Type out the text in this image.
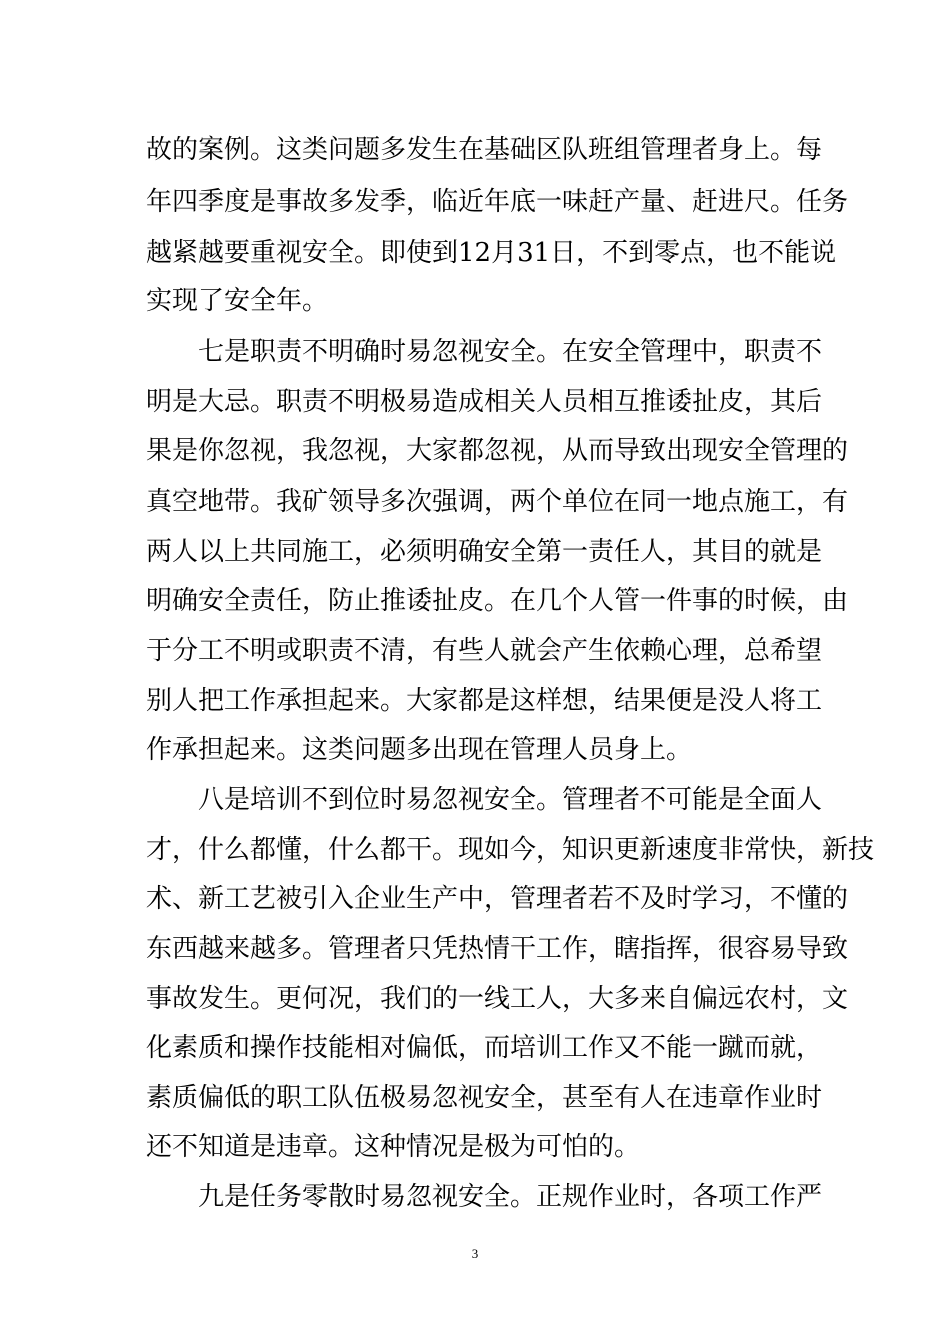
故的案例。这类问题多发生在基础区队班组管理者身上。每
年四季度是事故多发季，临近年底一味赶产量、赶进尺。任务
越紧越要重视安全。即使到12月31日，不到零点，也不能说
实现了安全年。
七是职责不明确时易忽视安全。在安全管理中，职责不
明是大忌。职责不明极易造成相关人员相互推诿扯皮，其后
果是你忽视，我忽视，大家都忽视，从而导致出现安全管理的
真空地带。我矿领导多次强调，两个单位在同一地点施工，有
两人以上共同施工，必须明确安全第一责任人，其目的就是
明确安全责任，防止推诿扯皮。在几个人管一件事的时候，由
于分工不明或职责不清，有些人就会产生依赖心理，总希望
别人把工作承担起来。大家都是这样想，结果便是没人将工
作承担起来。这类问题多出现在管理人员身上。
八是培训不到位时易忽视安全。管理者不可能是全面人
才，什么都懂，什么都干。现如今，知识更新速度非常快，新技
术、新工艺被引入企业生产中，管理者若不及时学习，不懂的
东西越来越多。管理者只凭热情干工作，瞎指挥，很容易导致
事故发生。更何况，我们的一线工人，大多来自偏远农村，文
化素质和操作技能相对偏低，而培训工作又不能一蹴而就，
素质偏低的职工队伍极易忽视安全，甚至有人在违章作业时
还不知道是违章。这种情况是极为可怕的。
九是任务零散时易忽视安全。正规作业时，各项工作严
3
